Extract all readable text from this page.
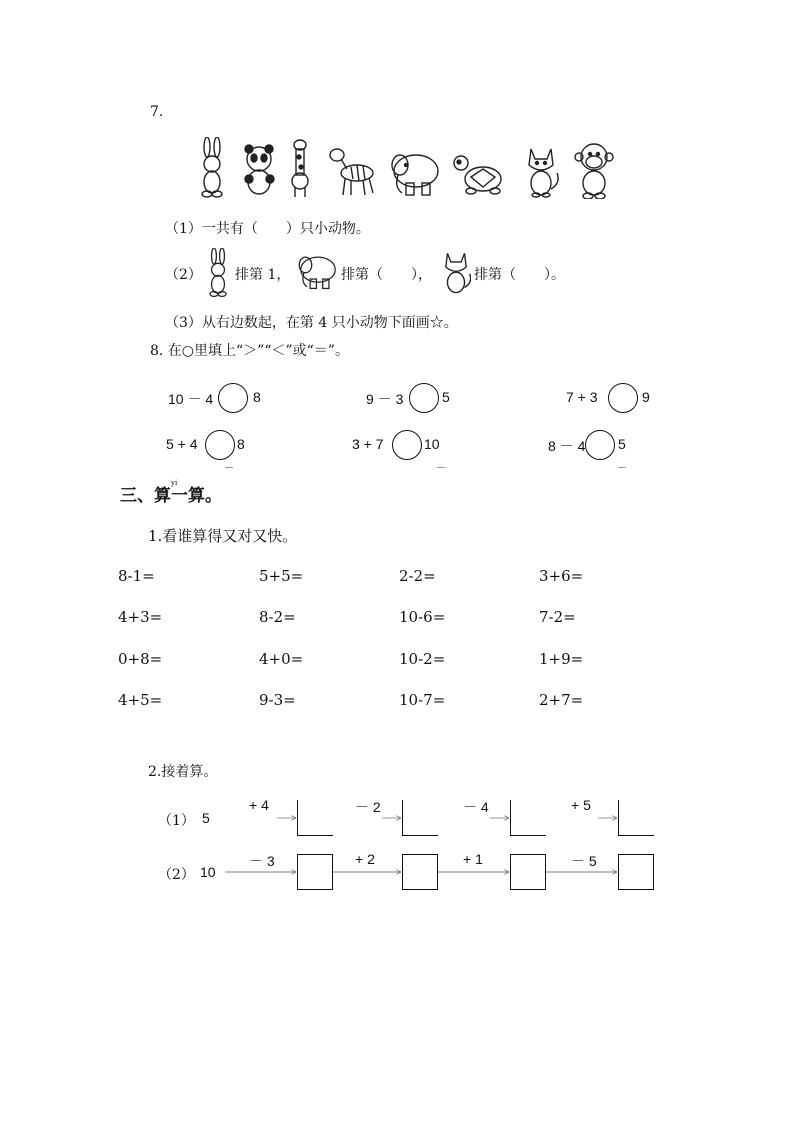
7.
（1）一共有（　　）只小动物。
（2） 排第 1，	排第（　　），	排第（　　）。
（3）从右边数起，在第 4 只小动物下面画☆。
8. 在○里填上“＞”“＜”或“＝”。
10 － 4	8	9 － 3	5	7 + 3	9
5 + 4	8	3 + 7	10	8 － 4 5
三、
yi
算一算。
1.看谁算得又对又快。
8-1=	5+5=	2-2=	3+6=
4+3=	8-2=	10-6=	7-2=
0+8=	4+0=	10-2=	1+9=
4+5=	9-3=	10-7=	2+7=
2.接着算。
（1） 5
+ 4	－ 2	－ 4	+ 5
（2） 10
－ 3	+ 2	+ 1	－ 5
